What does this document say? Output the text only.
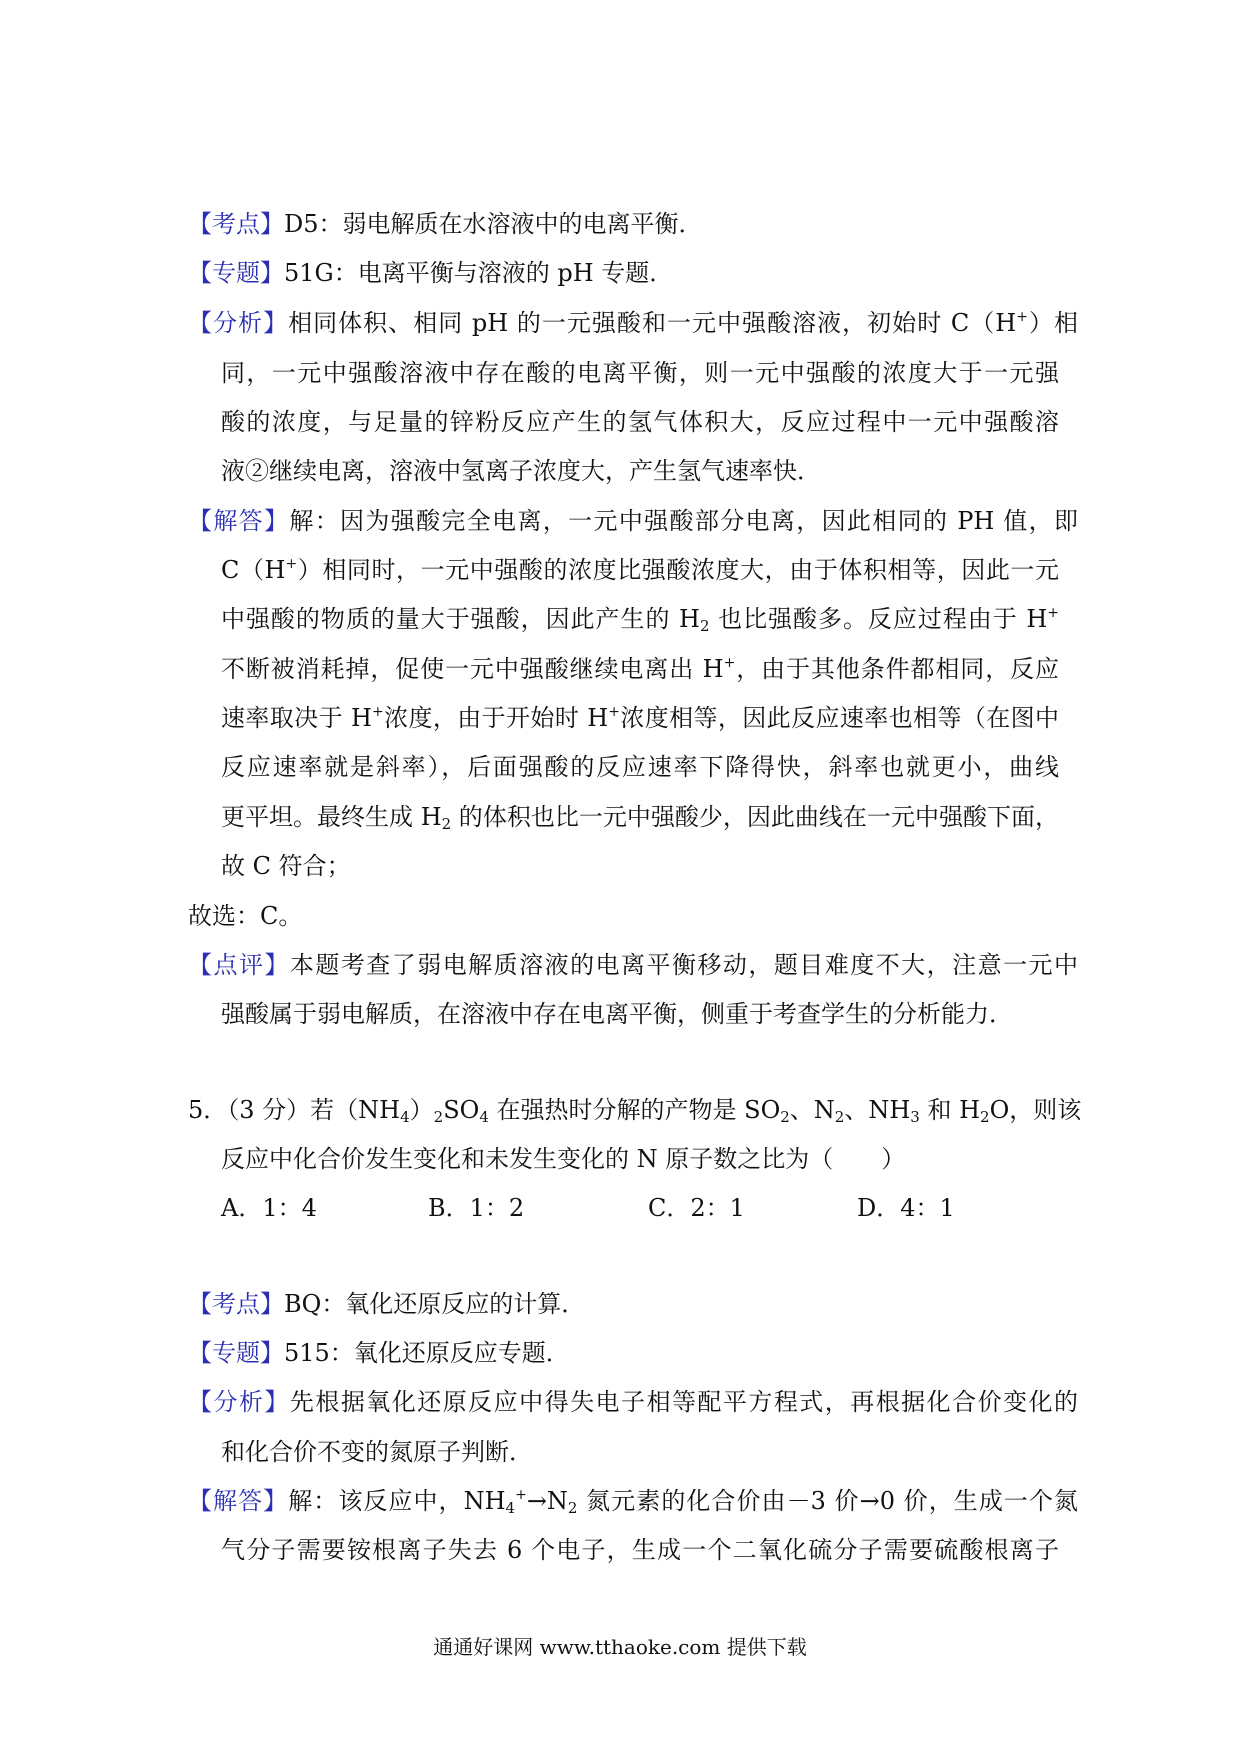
【考点】D5：弱电解质在水溶液中的电离平衡．
【专题】51G：电离平衡与溶液的 pH 专题．
【分析】相同体积、相同 pH 的一元强酸和一元中强酸溶液，初始时 C（H+）相
同，一元中强酸溶液中存在酸的电离平衡，则一元中强酸的浓度大于一元强
酸的浓度，与足量的锌粉反应产生的氢气体积大，反应过程中一元中强酸溶
液②继续电离，溶液中氢离子浓度大，产生氢气速率快．
【解答】解：因为强酸完全电离，一元中强酸部分电离，因此相同的 PH 值，即
C（H+）相同时，一元中强酸的浓度比强酸浓度大，由于体积相等，因此一元
中强酸的物质的量大于强酸，因此产生的 $H_2$ 也比强酸多。反应过程由于 H+
不断被消耗掉，促使一元中强酸继续电离出 H+，由于其他条件都相同，反应
速率取决于 H+浓度，由于开始时 H+浓度相等，因此反应速率也相等（在图中
反应速率就是斜率），后面强酸的反应速率下降得快，斜率也就更小，曲线
更平坦。最终生成 $H_2$ 的体积也比一元中强酸少，因此曲线在一元中强酸下面，
故 C 符合；
故选：C。
【点评】本题考查了弱电解质溶液的电离平衡移动，题目难度不大，注意一元中
强酸属于弱电解质，在溶液中存在电离平衡，侧重于考查学生的分析能力．
5．（3 分）若$(NH_4)_2SO_4$ 在强热时分解的产物是 $SO_2$、$N_2$、$NH_3$ 和 $H_2O$，则该
反应中化合价发生变化和未发生变化的 N 原子数之比为（　　）
A．1：4	B．1：2	C．2：1	D．4：1
【考点】BQ：氧化还原反应的计算．
【专题】515：氧化还原反应专题．
【分析】先根据氧化还原反应中得失电子相等配平方程式，再根据化合价变化的
和化合价不变的氮原子判断．
【解答】解：该反应中，$NH_4^+\to N_2$ 氮元素的化合价由－3 价→0 价，生成一个氮
气分子需要铵根离子失去 6 个电子，生成一个二氧化硫分子需要硫酸根离子
通通好课网 www.tthaoke.com 提供下载
